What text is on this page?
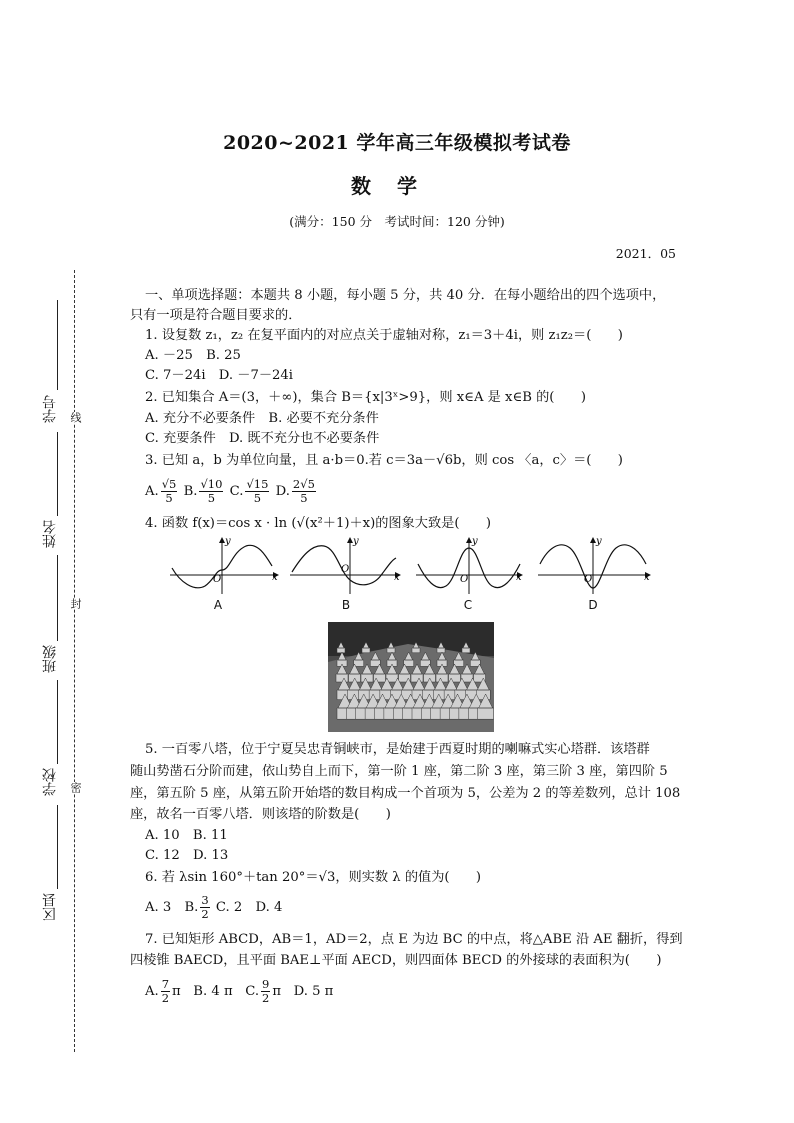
2020~2021 学年高三年级模拟考试卷
数学
(满分：150 分　考试时间：120 分钟)
2021．05
学号
姓名
班级
学校
区县
线
封
密
一、单项选择题：本题共 8 小题，每小题 5 分，共 40 分．在每小题给出的四个选项中，
只有一项是符合题目要求的．
1. 设复数 z₁，z₂ 在复平面内的对应点关于虚轴对称，z₁＝3＋4i，则 z₁z₂＝(　　)
A. －25　B. 25
C. 7－24i　D. －7－24i
2. 已知集合 A＝(3，＋∞)，集合 B＝{x|3ˣ>9}，则 x∈A 是 x∈B 的(　　)
A. 充分不必要条件　B. 必要不充分条件
C. 充要条件　D. 既不充分也不必要条件
3. 已知 a，b 为单位向量，且 a·b＝0.若 c＝3a－√6b，则 cos 〈a，c〉＝(　　)
A. $\frac{√5}{5} B$. $\frac{√10}{5} C$. $\frac{√15}{5} D$. $\frac{2√5}{5}$
4. 函数 f(x)＝cos x · ln (√(x²＋1)＋x)的图象大致是(　　)
x
y
O	x
y
O
x
y
O	x
y
O
A	B	C	D
5. 一百零八塔，位于宁夏吴忠青铜峡市，是始建于西夏时期的喇嘛式实心塔群．该塔群
随山势凿石分阶而建，依山势自上而下，第一阶 1 座，第二阶 3 座，第三阶 3 座，第四阶 5
座，第五阶 5 座，从第五阶开始塔的数目构成一个首项为 5，公差为 2 的等差数列，总计 108
座，故名一百零八塔．则该塔的阶数是(　　)
A. 10　B. 11
C. 12　D. 13
6. 若 λsin 160°＋tan 20°＝√3，则实数 λ 的值为(　　)
A. 3　B. $\frac{3}{2} C$. 2　D. 4
7. 已知矩形 ABCD，AB＝1，AD＝2，点 E 为边 BC 的中点，将△ABE 沿 AE 翻折，得到
四棱锥 BAECD，且平面 BAE⊥平面 AECD，则四面体 BECD 的外接球的表面积为(　　)
A. $\frac{7}{2}$ π B. 4 π C. $\frac{9}{2}$ π D. 5 π
